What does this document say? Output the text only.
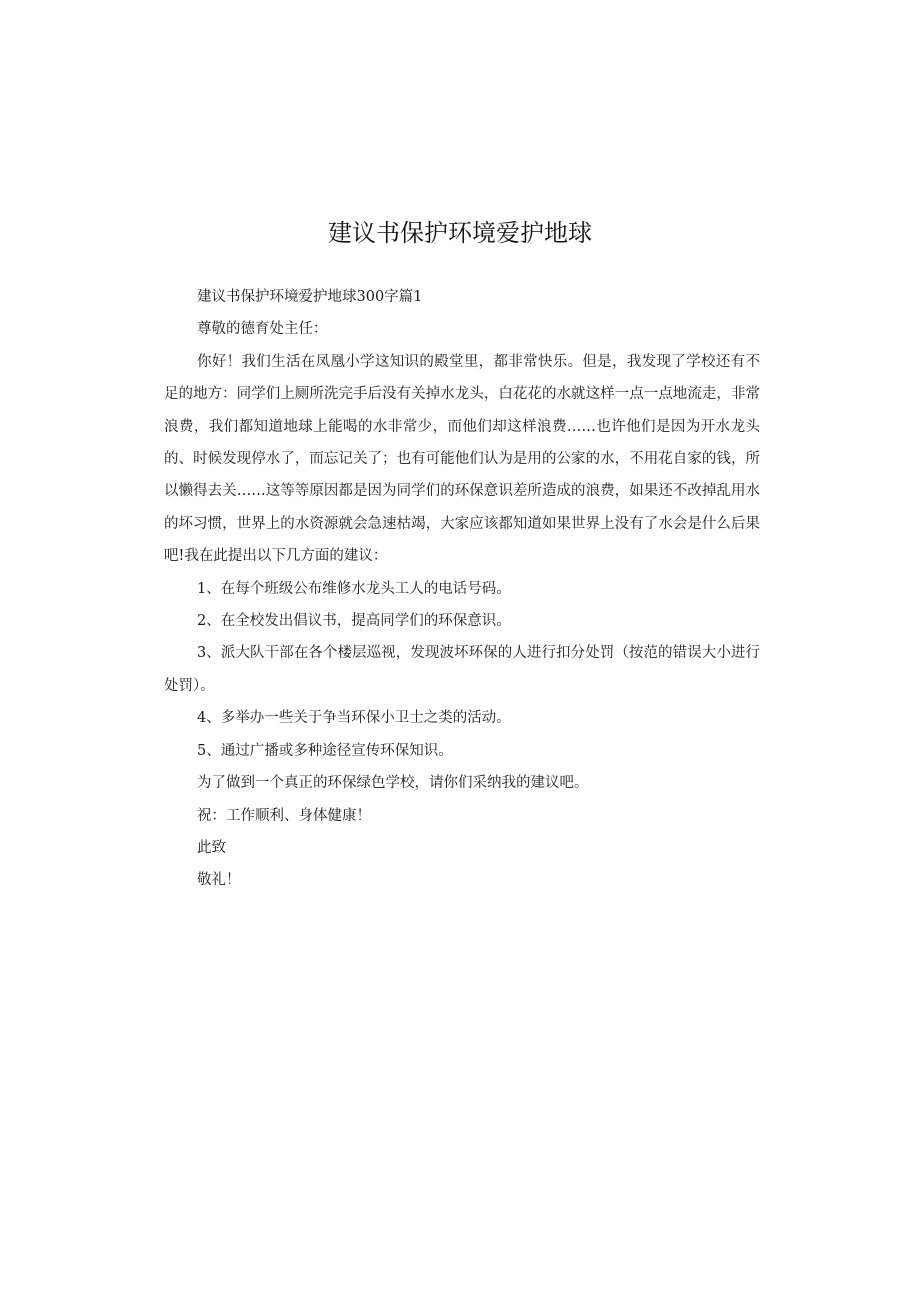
建议书保护环境爱护地球

建议书保护环境爱护地球300字篇1

尊敬的德育处主任：

你好！我们生活在凤凰小学这知识的殿堂里，都非常快乐。但是，我发现了学校还有不足的地方：同学们上厕所洗完手后没有关掉水龙头，白花花的水就这样一点一点地流走，非常浪费，我们都知道地球上能喝的水非常少，而他们却这样浪费……也许他们是因为开水龙头的、时候发现停水了，而忘记关了；也有可能他们认为是用的公家的水，不用花自家的钱，所以懒得去关……这等等原因都是因为同学们的环保意识差所造成的浪费，如果还不改掉乱用水的坏习惯，世界上的水资源就会急速枯竭，大家应该都知道如果世界上没有了水会是什么后果吧!我在此提出以下几方面的建议：

1、在每个班级公布维修水龙头工人的电话号码。

2、在全校发出倡议书，提高同学们的环保意识。

3、派大队干部在各个楼层巡视，发现波坏环保的人进行扣分处罚（按范的错误大小进行处罚）。

4、多举办一些关于争当环保小卫士之类的活动。

5、通过广播或多种途径宣传环保知识。

为了做到一个真正的环保绿色学校，请你们采纳我的建议吧。

祝：工作顺利、身体健康！

此致

敬礼！
